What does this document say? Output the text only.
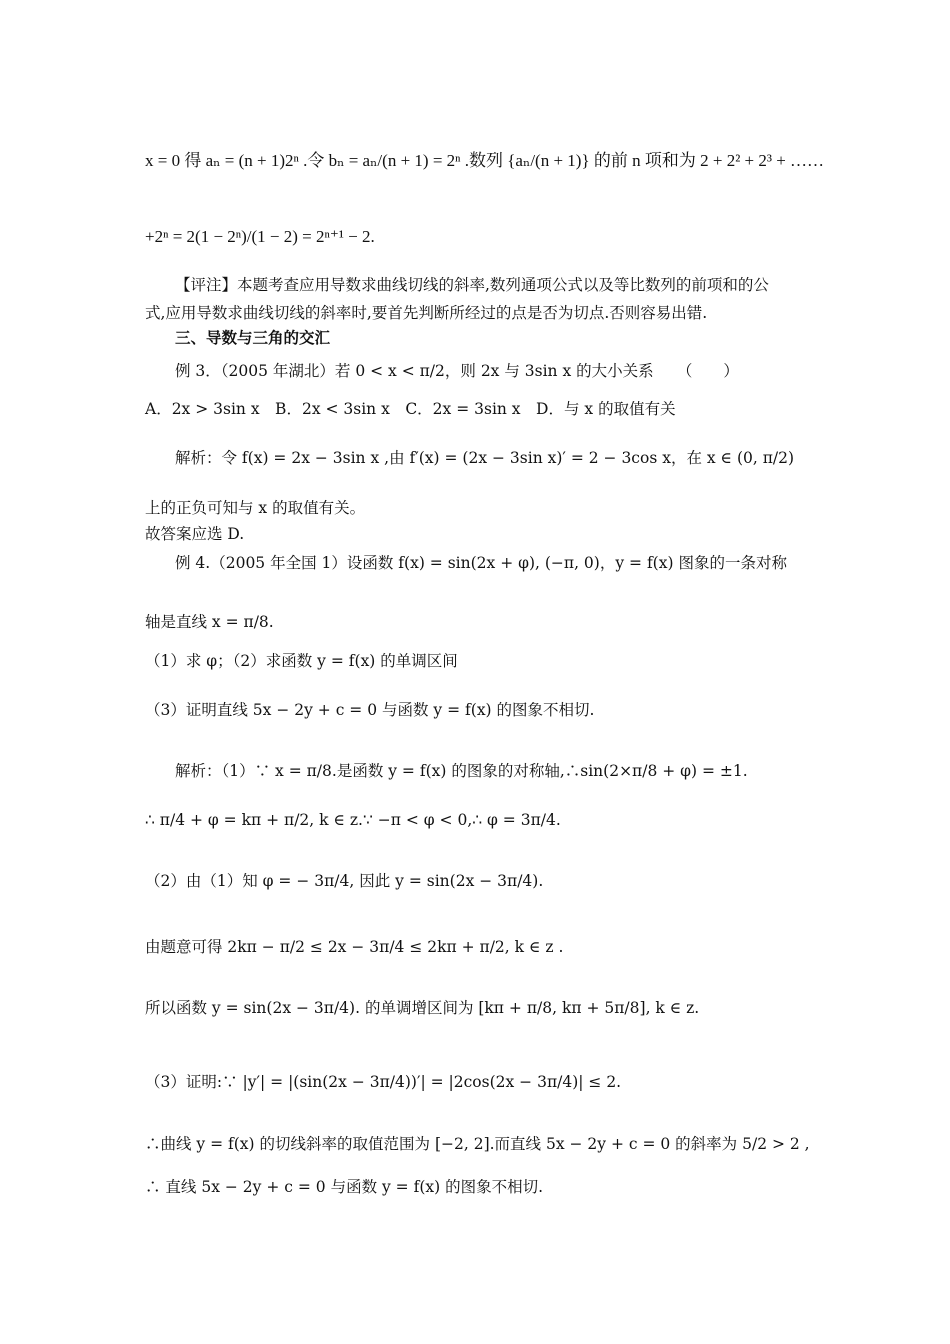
x = 0 得 aₙ = (n + 1)2ⁿ .令 bₙ = aₙ/(n + 1) = 2ⁿ .数列 {aₙ/(n + 1)} 的前 n 项和为 2 + 2² + 2³ + ……
+2ⁿ = 2(1 − 2ⁿ)/(1 − 2) = 2ⁿ⁺¹ − 2.
【评注】本题考查应用导数求曲线切线的斜率,数列通项公式以及等比数列的前项和的公
式,应用导数求曲线切线的斜率时,要首先判断所经过的点是否为切点.否则容易出错.
三、导数与三角的交汇
例 3．（2005 年湖北）若 0 < x < π/2，则 2x 与 3sin x 的大小关系　　（　　）
A．2x > 3sin x　B．2x < 3sin x　C．2x = 3sin x　D．与 x 的取值有关
解析：令 f(x) = 2x − 3sin x ,由 f′(x) = (2x − 3sin x)′ = 2 − 3cos x，在 x ∈ (0, π/2)
上的正负可知与 x 的取值有关。
故答案应选 D.
例 4.（2005 年全国 1）设函数 f(x) = sin(2x + φ), (−π, 0)，y = f(x) 图象的一条对称
轴是直线 x = π/8.
（1）求 φ；（2）求函数 y = f(x) 的单调区间
（3）证明直线 5x − 2y + c = 0 与函数 y = f(x) 的图象不相切.
解析：（1）∵ x = π/8.是函数 y = f(x) 的图象的对称轴,∴sin(2×π/8 + φ) = ±1.
∴ π/4 + φ = kπ + π/2, k ∈ z.∵ −π < φ < 0,∴ φ = 3π/4.
（2）由（1）知 φ = − 3π/4, 因此 y = sin(2x − 3π/4).
由题意可得 2kπ − π/2 ≤ 2x − 3π/4 ≤ 2kπ + π/2, k ∈ z .
所以函数 y = sin(2x − 3π/4). 的单调增区间为 [kπ + π/8, kπ + 5π/8], k ∈ z.
（3）证明:∵ |y′| = |(sin(2x − 3π/4))′| = |2cos(2x − 3π/4)| ≤ 2.
∴曲线 y = f(x) 的切线斜率的取值范围为 [−2, 2].而直线 5x − 2y + c = 0 的斜率为 5/2 > 2 ,
∴ 直线 5x − 2y + c = 0 与函数 y = f(x) 的图象不相切.
